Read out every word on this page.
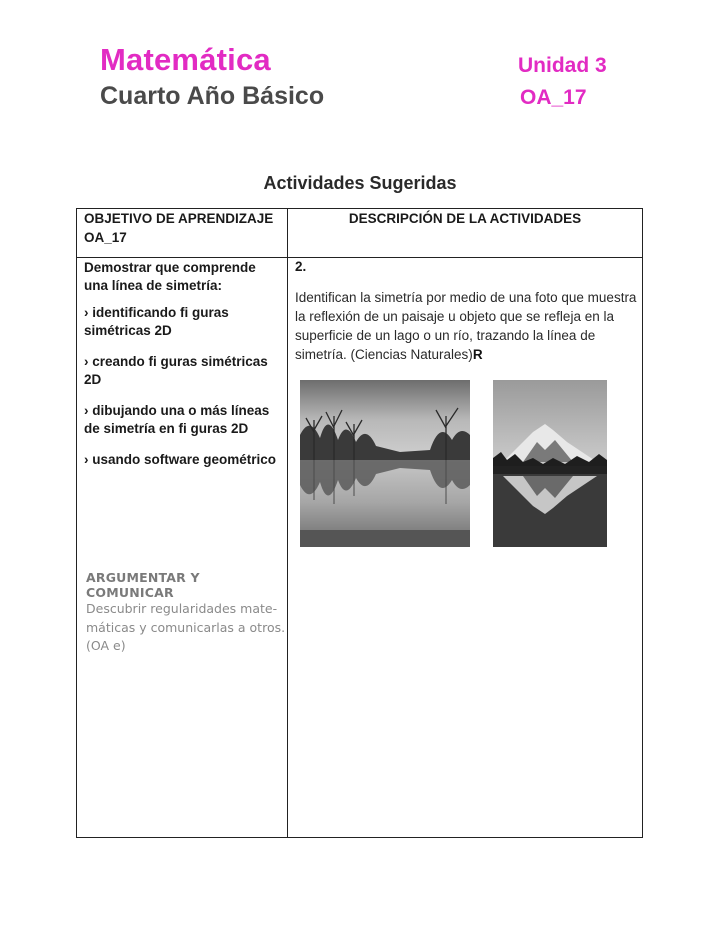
Matemática
Cuarto Año Básico
Unidad 3
OA_17
Actividades Sugeridas
OBJETIVO DE APRENDIZAJE OA_17
DESCRIPCIÓN DE LA ACTIVIDADES

Demostrar que comprende una línea de simetría:

› identificando fi guras simétricas 2D

› creando fi guras simétricas 2D

› dibujando una o más líneas de simetría en fi guras 2D

› usando software geométrico

ARGUMENTAR Y COMUNICAR
Descubrir regularidades mate-máticas y comunicarlas a otros. (OA e)
2.
Identifican la simetría por medio de una foto que muestra la reflexión de un paisaje u objeto que se refleja en la superficie de un lago o un río, trazando la línea de simetría. (Ciencias Naturales)R
